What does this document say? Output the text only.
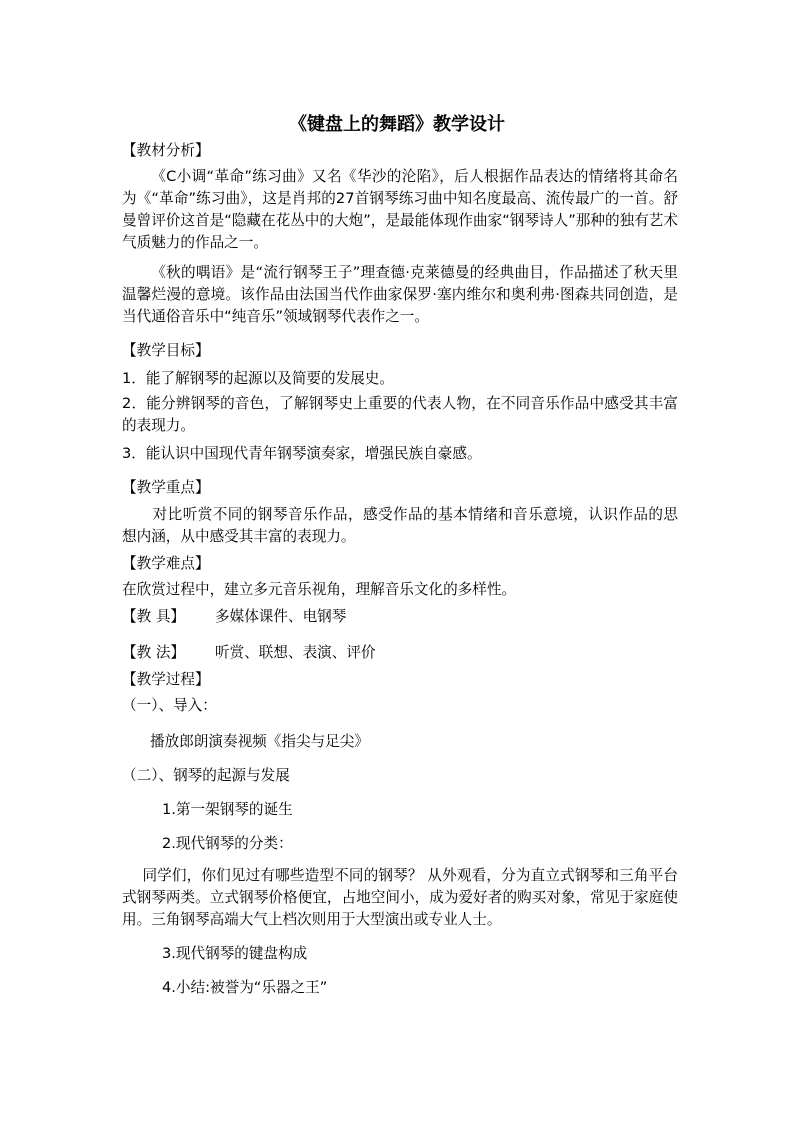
《键盘上的舞蹈》教学设计

【教材分析】

《C小调“革命”练习曲》又名《华沙的沦陷》，后人根据作品表达的情绪将其命名为《“革命”练习曲》，这是肖邦的27首钢琴练习曲中知名度最高、流传最广的一首。舒曼曾评价这首是“隐藏在花丛中的大炮”，是最能体现作曲家“钢琴诗人”那种的独有艺术气质魅力的作品之一。

《秋的喁语》是“流行钢琴王子”理查德·克莱德曼的经典曲目，作品描述了秋天里温馨烂漫的意境。该作品由法国当代作曲家保罗·塞内维尔和奥利弗·图森共同创造，是当代通俗音乐中“纯音乐”领域钢琴代表作之一。

【教学目标】

1．能了解钢琴的起源以及简要的发展史。

2．能分辨钢琴的音色，了解钢琴史上重要的代表人物，在不同音乐作品中感受其丰富的表现力。

3．能认识中国现代青年钢琴演奏家，增强民族自豪感。

【教学重点】

对比听赏不同的钢琴音乐作品，感受作品的基本情绪和音乐意境，认识作品的思想内涵，从中感受其丰富的表现力。

【教学难点】

在欣赏过程中，建立多元音乐视角，理解音乐文化的多样性。

【教 具】 多媒体课件、电钢琴

【教 法】 听赏、联想、表演、评价

【教学过程】

（一）、导入：

播放郎朗演奏视频《指尖与足尖》

（二）、钢琴的起源与发展

1.第一架钢琴的诞生

2.现代钢琴的分类：

同学们，你们见过有哪些造型不同的钢琴？ 从外观看，分为直立式钢琴和三角平台式钢琴两类。立式钢琴价格便宜，占地空间小，成为爱好者的购买对象，常见于家庭使用。三角钢琴高端大气上档次则用于大型演出或专业人士。

3.现代钢琴的键盘构成

4.小结:被誉为“乐器之王”
